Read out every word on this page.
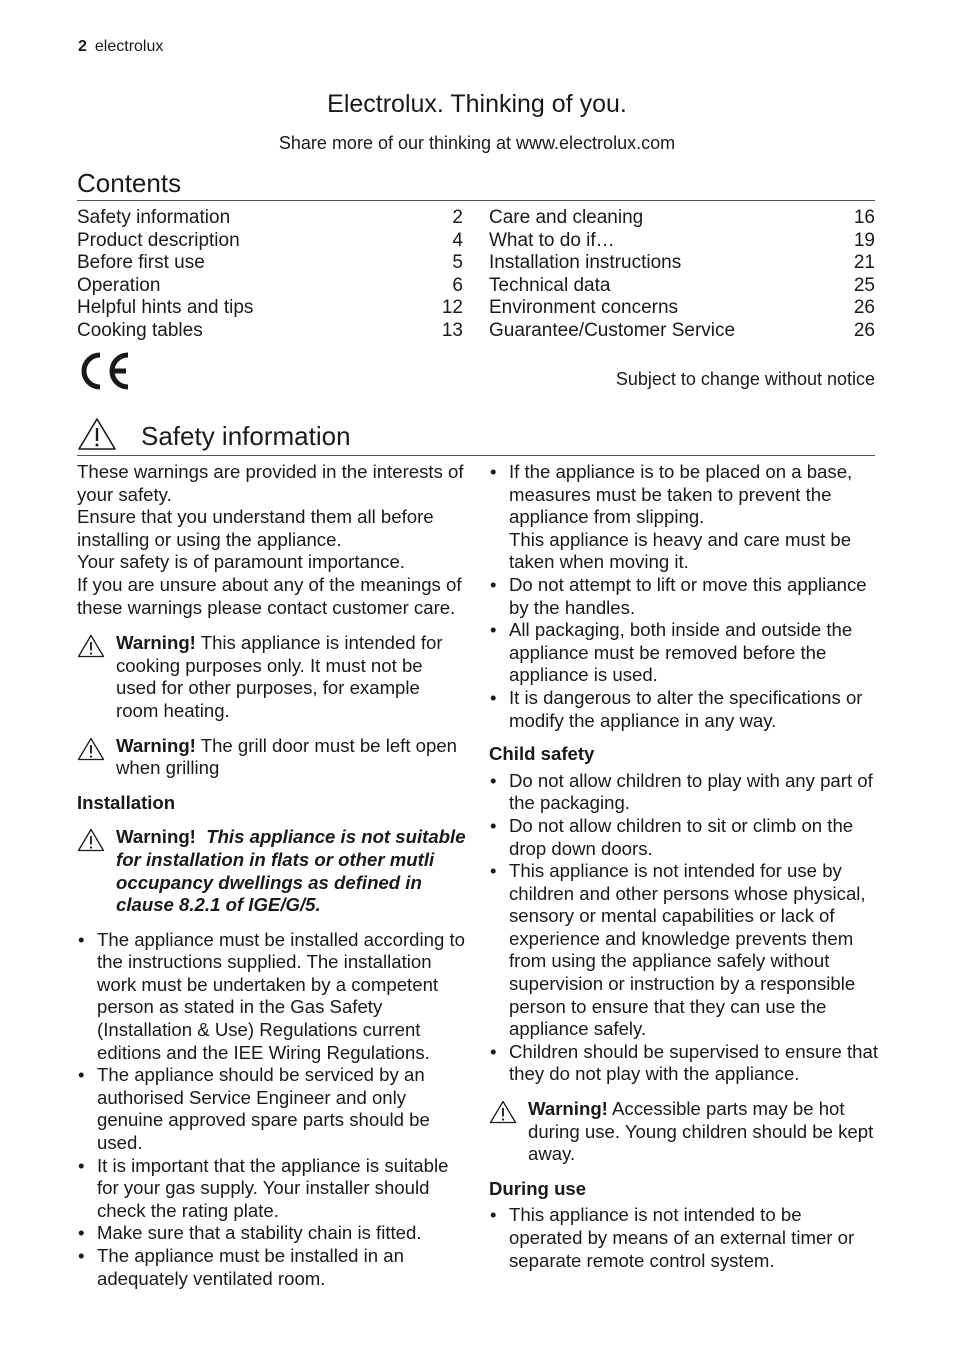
2 electrolux
Electrolux. Thinking of you.
Share more of our thinking at www.electrolux.com
Contents
Safety information	2
Product description	4
Before first use	5
Operation	6
Helpful hints and tips	12
Cooking tables	13
Care and cleaning	16
What to do if…	19
Installation instructions	21
Technical data	25
Environment concerns	26
Guarantee/Customer Service	26
Subject to change without notice
Safety information

These warnings are provided in the interests of your safety.

Ensure that you understand them all before installing or using the appliance.

Your safety is of paramount importance.

If you are unsure about any of the meanings of these warnings please contact customer care.

Warning! This appliance is intended for cooking purposes only. It must not be used for other purposes, for example room heating.
Warning! The grill door must be left open when grilling
Installation
Warning! This appliance is not suitable for installation in flats or other mutli occupancy dwellings as defined in clause 8.2.1 of IGE/G/5.
• The appliance must be installed according to the instructions supplied. The installation work must be undertaken by a competent person as stated in the Gas Safety (Installation & Use) Regulations current editions and the IEE Wiring Regulations.
• The appliance should be serviced by an authorised Service Engineer and only genuine approved spare parts should be used.
• It is important that the appliance is suitable for your gas supply. Your installer should check the rating plate.
• Make sure that a stability chain is fitted.
• The appliance must be installed in an adequately ventilated room.
• If the appliance is to be placed on a base, measures must be taken to prevent the appliance from slipping.
This appliance is heavy and care must be taken when moving it.
• Do not attempt to lift or move this appliance by the handles.
• All packaging, both inside and outside the appliance must be removed before the appliance is used.
• It is dangerous to alter the specifications or modify the appliance in any way.
Child safety
• Do not allow children to play with any part of the packaging.
• Do not allow children to sit or climb on the drop down doors.
• This appliance is not intended for use by children and other persons whose physical, sensory or mental capabilities or lack of experience and knowledge prevents them from using the appliance safely without supervision or instruction by a responsible person to ensure that they can use the appliance safely.
• Children should be supervised to ensure that they do not play with the appliance.
Warning! Accessible parts may be hot during use. Young children should be kept away.
During use
• This appliance is not intended to be operated by means of an external timer or separate remote control system.
